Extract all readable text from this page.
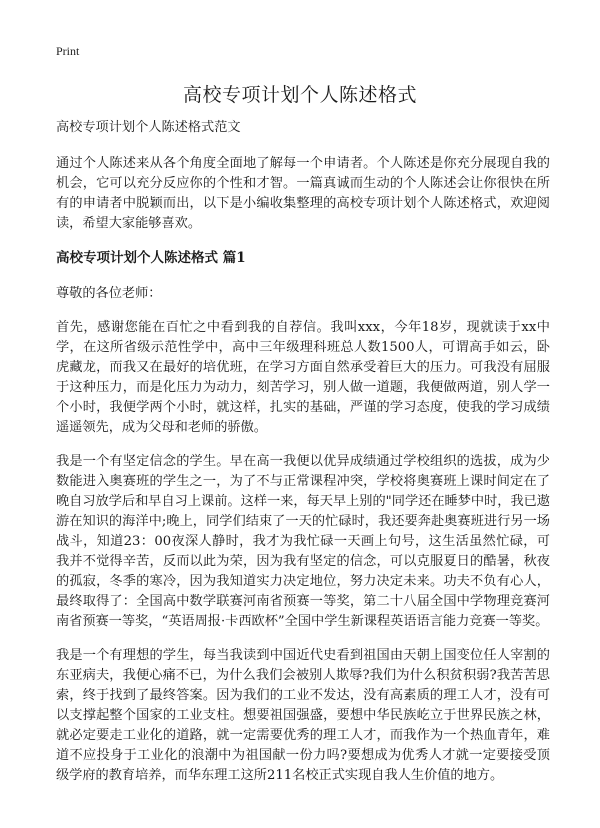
Print
高校专项计划个人陈述格式

高校专项计划个人陈述格式范文

通过个人陈述来从各个角度全面地了解每一个申请者。个人陈述是你充分展现自我的机会，它可以充分反应你的个性和才智。一篇真诚而生动的个人陈述会让你很快在所有的申请者中脱颖而出，以下是小编收集整理的高校专项计划个人陈述格式，欢迎阅读，希望大家能够喜欢。

高校专项计划个人陈述格式 篇1

尊敬的各位老师：

首先，感谢您能在百忙之中看到我的自荐信。我叫xxx，今年18岁，现就读于xx中学，在这所省级示范性学中，高中三年级理科班总人数1500人，可谓高手如云，卧虎藏龙，而我又在最好的培优班，在学习方面自然承受着巨大的压力。可我没有屈服于这种压力，而是化压力为动力，刻苦学习，别人做一道题，我便做两道，别人学一个小时，我便学两个小时，就这样，扎实的基础，严谨的学习态度，使我的学习成绩遥遥领先，成为父母和老师的骄傲。

我是一个有坚定信念的学生。早在高一我便以优异成绩通过学校组织的选拔，成为少数能进入奥赛班的学生之一，为了不与正常课程冲突，学校将奥赛班上课时间定在了晚自习放学后和早自习上课前。这样一来，每天早上别的"同学还在睡梦中时，我已遨游在知识的海洋中;晚上，同学们结束了一天的忙碌时，我还要奔赴奥赛班进行另一场战斗，知道23：00夜深人静时，我才为我忙碌一天画上句号，这生活虽然忙碌，可我并不觉得辛苦，反而以此为荣，因为我有坚定的信念，可以克服夏日的酷暑，秋夜的孤寂，冬季的寒冷，因为我知道实力决定地位，努力决定未来。功夫不负有心人，最终取得了：全国高中数学联赛河南省预赛一等奖，第二十八届全国中学物理竞赛河南省预赛一等奖，“英语周报·卡西欧杯”全国中学生新课程英语语言能力竞赛一等奖。

我是一个有理想的学生，每当我读到中国近代史看到祖国由天朝上国变位任人宰割的东亚病夫，我便心痛不已，为什么我们会被别人欺辱?我们为什么积贫积弱?我苦苦思索，终于找到了最终答案。因为我们的工业不发达，没有高素质的理工人才，没有可以支撑起整个国家的工业支柱。想要祖国强盛，要想中华民族屹立于世界民族之林，就必定要走工业化的道路，就一定需要优秀的理工人才，而我作为一个热血青年，难道不应投身于工业化的浪潮中为祖国献一份力吗?要想成为优秀人才就一定要接受顶级学府的教育培养，而华东理工这所211名校正式实现自我人生价值的地方。
